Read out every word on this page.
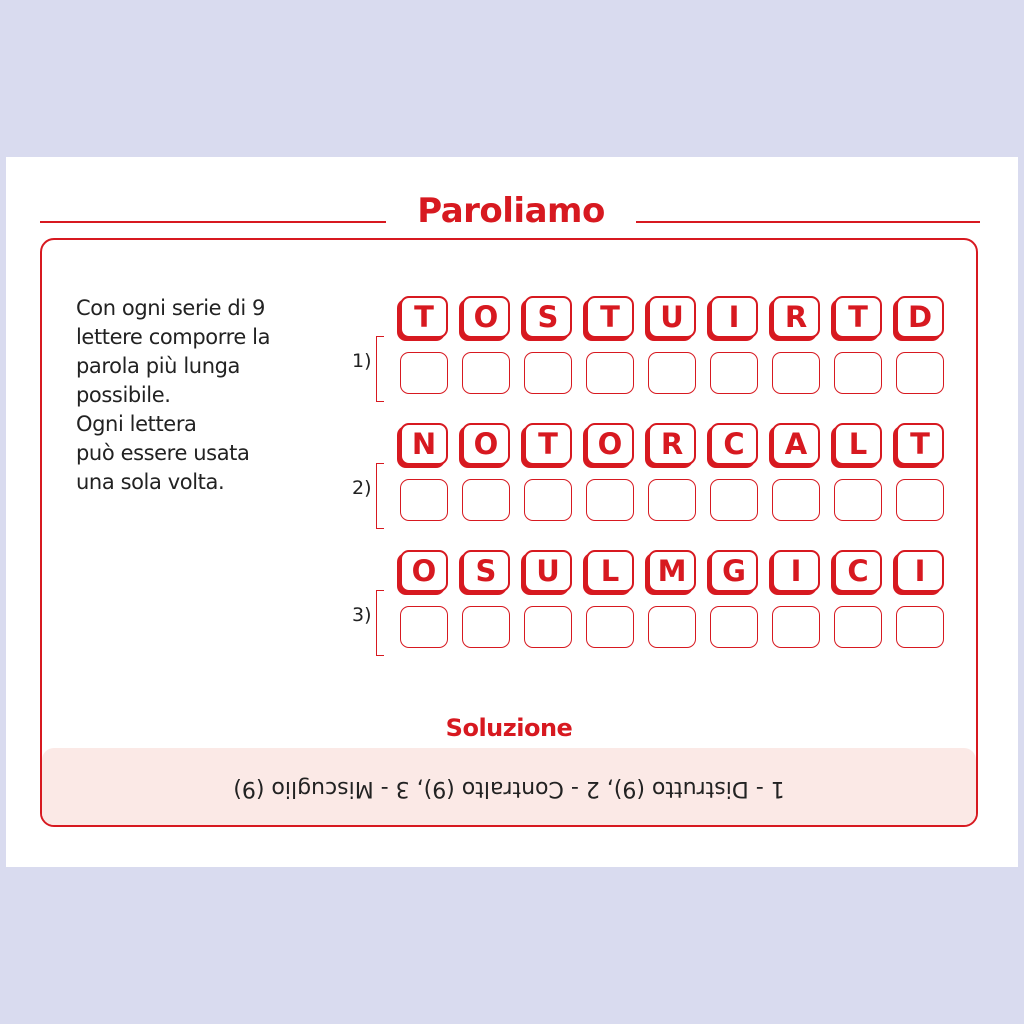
Paroliamo
Con ogni serie di 9
lettere comporre la
parola più lunga
possibile.
Ogni lettera
può essere usata
una sola volta.
T	O	S	T	U	I	R	T	D
1)
N	O	T	O	R	C	A	L	T
2)
O	S	U	L	M	G	I	C	I
3)
Soluzione
1 - Distrutto (9), 2 - Contralto (9), 3 - Miscuglio (9)
